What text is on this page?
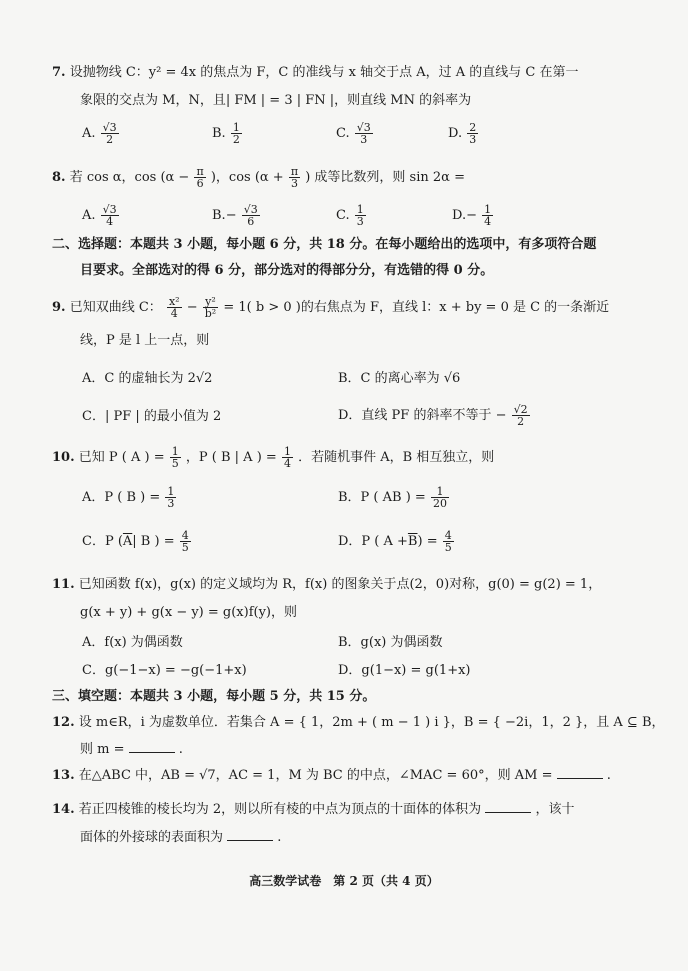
7. 设抛物线 C：y² = 4x 的焦点为 F，C 的准线与 x 轴交于点 A，过 A 的直线与 C 在第一
象限的交点为 M，N，且| FM | = 3 | FN |，则直线 MN 的斜率为
A. $\frac{√3}{2}$	B. $\frac{1}{2}$	C. $\frac{√3}{3}$	D. $\frac{2}{3}$
8. 若 cos α，$\cos (\alpha - \frac{\pi}{6}$ )，$\cos (\alpha + \frac{\pi}{3}$ ) 成等比数列，则 sin 2α =
A. $\frac{√3}{4}$	$B.- \frac{√3}{6}$	C. $\frac{1}{3}$	$D.- \frac{1}{4}$
二、选择题：本题共 3 小题，每小题 6 分，共 18 分。在每小题给出的选项中，有多项符合题
目要求。全部选对的得 6 分，部分选对的得部分分，有选错的得 0 分。
9. 已知双曲线 C： $\frac{\text{x²}}{4} - \frac{\text{y²}}{\text{b²}} = 1$( b > 0 )的右焦点为 F，直线 l：x + by = 0 是 C 的一条渐近
线，P 是 l 上一点，则
A．C 的虚轴长为 2√2	B．C 的离心率为 √6
C．| PF | 的最小值为 2	D．直线 PF 的斜率不等于 − $\frac{√2}{2}$
10. 已知 P ( A ) = $\frac{1}{5}$ ，P ( B | A ) = $\frac{1}{4}$ ．若随机事件 A，B 相互独立，则
A．P ( B ) = $\frac{1}{3}$	B．P ( AB ) = $\frac{1}{20}$
C．P ($\overline{A}|$ B ) = $\frac{4}{5}$	D．P ( $A +\overline{B}) = \frac{4}{5}$
11. 已知函数 f(x)，g(x) 的定义域均为 R，f(x) 的图象关于点(2，0)对称，g(0) = g(2) = 1，
g(x + y) + g(x − y) = g(x)f(y)，则
A．f(x) 为偶函数	B．g(x) 为偶函数
C．g(−1−x) = −g(−1+x)	D．g(1−x) = g(1+x)
三、填空题：本题共 3 小题，每小题 5 分，共 15 分。
12. 设 m∈R，i 为虚数单位．若集合 A = { 1，2m + ( m − 1 ) i }，B = { −2i，1，2 }，且 A ⊆ B，
则 m =	.
13. 在△ABC 中，AB = √7，AC = 1，M 为 BC 的中点，∠MAC = 60°，则 AM =	.
14. 若正四棱锥的棱长均为 2，则以所有棱的中点为顶点的十面体的体积为	，该十
面体的外接球的表面积为	.
高三数学试卷　第 2 页（共 4 页）
